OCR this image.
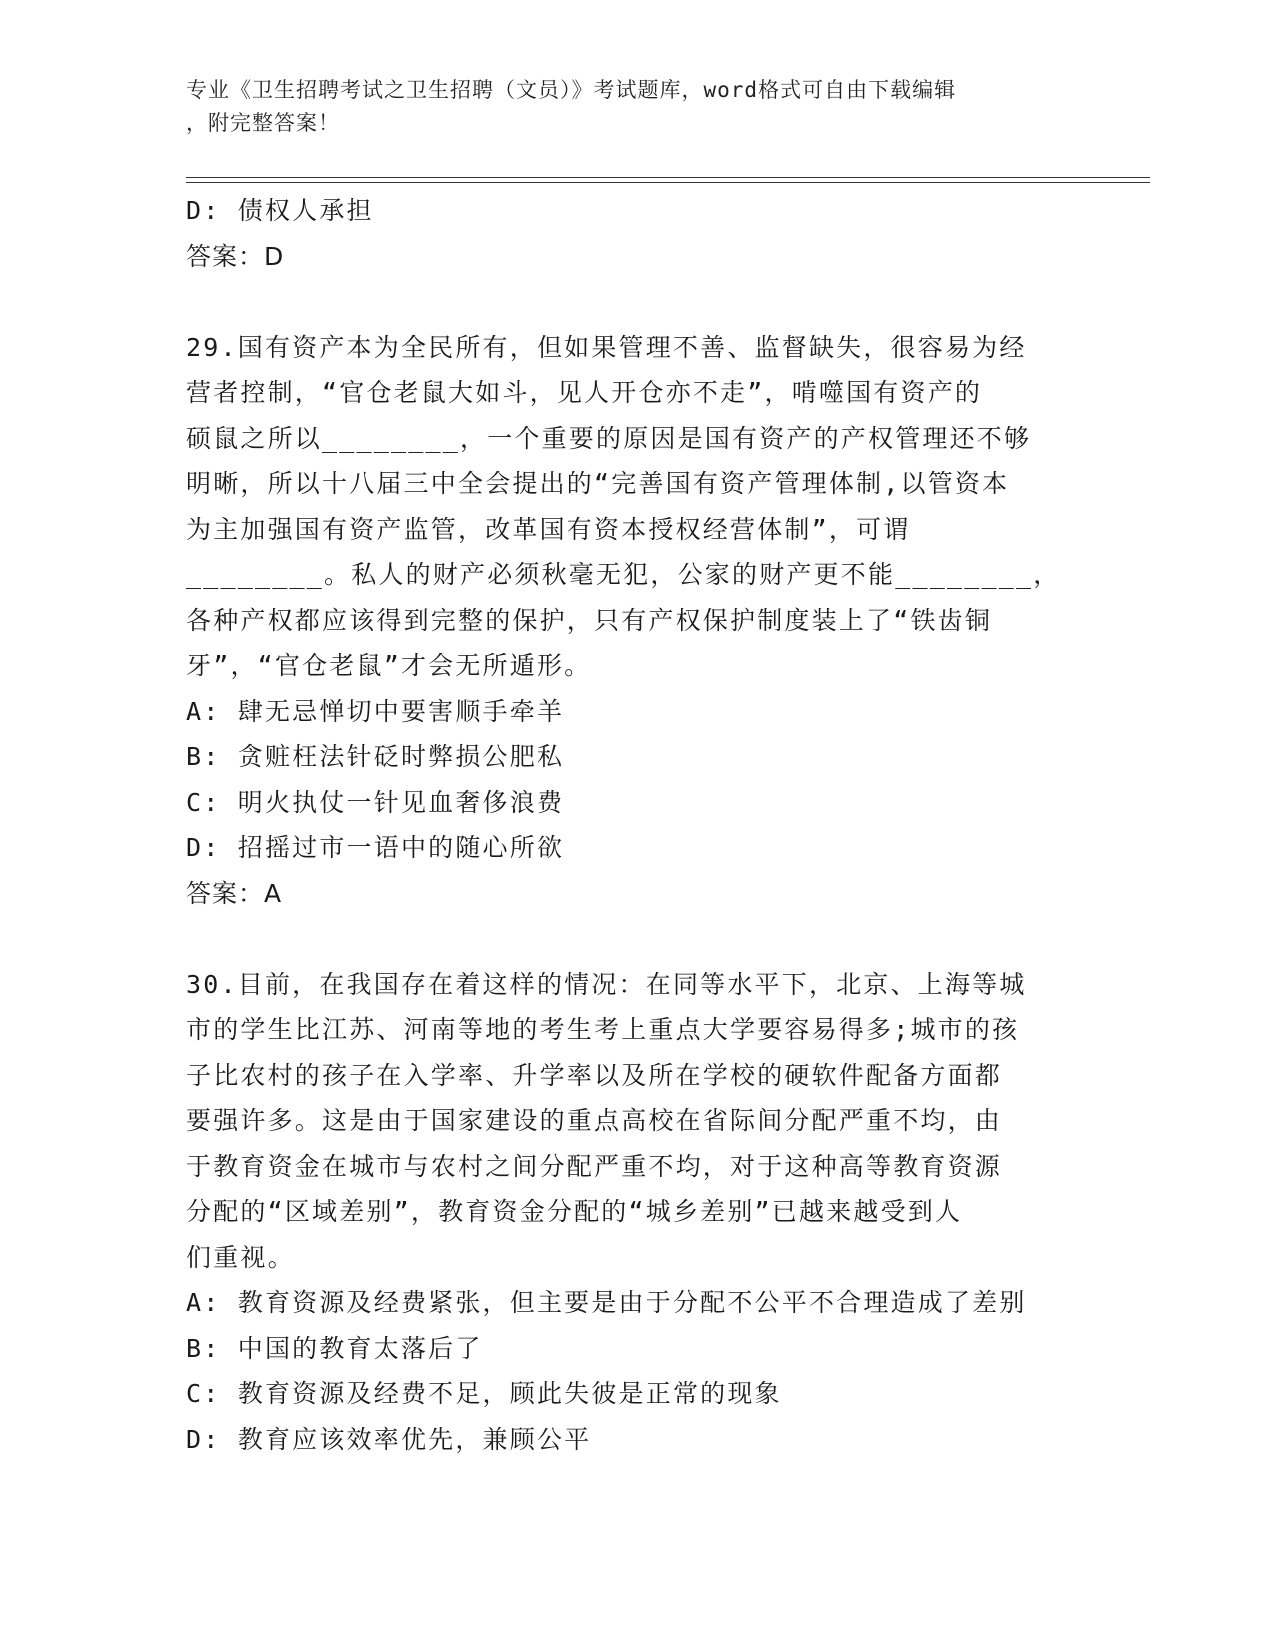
专业《卫生招聘考试之卫生招聘（文员）》考试题库，word格式可自由下载编辑
，附完整答案！
D: 债权人承担
答案：D
29.国有资产本为全民所有，但如果管理不善、监督缺失，很容易为经
营者控制，“官仓老鼠大如斗，见人开仓亦不走”，啃噬国有资产的
硕鼠之所以________，一个重要的原因是国有资产的产权管理还不够
明晰，所以十八届三中全会提出的“完善国有资产管理体制,以管资本
为主加强国有资产监管，改革国有资本授权经营体制”，可谓
________。私人的财产必须秋毫无犯，公家的财产更不能________，
各种产权都应该得到完整的保护，只有产权保护制度装上了“铁齿铜
牙”，“官仓老鼠”才会无所遁形。
A: 肆无忌惮切中要害顺手牵羊
B: 贪赃枉法针砭时弊损公肥私
C: 明火执仗一针见血奢侈浪费
D: 招摇过市一语中的随心所欲
答案：A
30.目前，在我国存在着这样的情况：在同等水平下，北京、上海等城
市的学生比江苏、河南等地的考生考上重点大学要容易得多;城市的孩
子比农村的孩子在入学率、升学率以及所在学校的硬软件配备方面都
要强许多。这是由于国家建设的重点高校在省际间分配严重不均，由
于教育资金在城市与农村之间分配严重不均，对于这种高等教育资源
分配的“区域差别”，教育资金分配的“城乡差别”已越来越受到人
们重视。
A: 教育资源及经费紧张，但主要是由于分配不公平不合理造成了差别
B: 中国的教育太落后了
C: 教育资源及经费不足，顾此失彼是正常的现象
D: 教育应该效率优先，兼顾公平
